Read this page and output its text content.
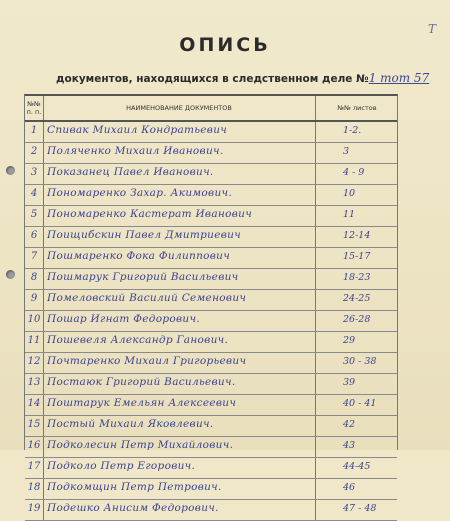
Т
ОПИСЬ
документов, находящихся в следственном деле №1 mom 57
№№
п. п.	НАИМЕНОВАНИЕ ДОКУМЕНТОВ	№№ листов
1 Спивак Михаил Кондратьевич	1-2.
2 Поляченко Михаил Иванович.	3
3 Показанец Павел Иванович.	4 - 9
4 Пономаренко Захар. Акимович.	10
5 Пономаренко Кастерат Иванович	11
6 Поищибскин Павел Дмитриевич	12-14
7 Пошмаренко Фока Филиппович	15-17
8 Пошмарук Григорий Васильевич	18-23
9 Помеловский Василий Семенович	24-25
10 Пошар Игнат Федорович.	26-28
11 Пошевеля Александр Ганович.	29
12 Почтаренко Михаил Григорьевич	30 - 38
13 Постаюк Григорий Васильевич.	39
14 Поштарук Емельян Алексеевич	40 - 41
15 Постый Михаил Яковлевич.	42
16 Подколесин Петр Михайлович.	43
17 Подколо Петр Егорович.	44-45
18 Подкомщин Петр Петрович.	46
19 Подешко Анисим Федорович.	47 - 48
